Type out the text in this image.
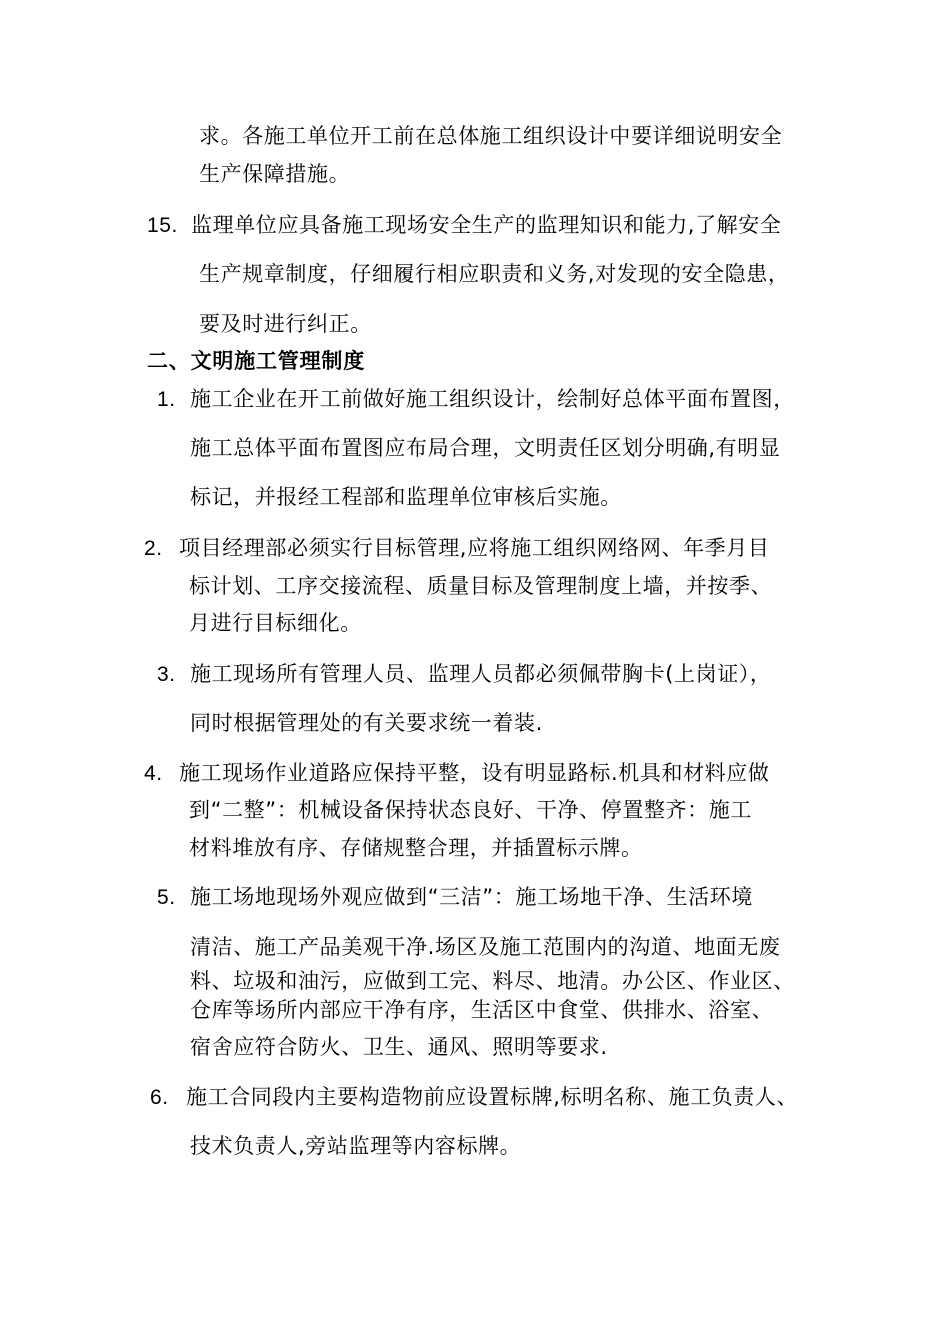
求。各施工单位开工前在总体施工组织设计中要详细说明安全
生产保障措施。
15. 监理单位应具备施工现场安全生产的监理知识和能力,了解安全
生产规章制度，仔细履行相应职责和义务,对发现的安全隐患，
要及时进行纠正。
二、文明施工管理制度
1. 施工企业在开工前做好施工组织设计，绘制好总体平面布置图，
施工总体平面布置图应布局合理，文明责任区划分明确,有明显
标记，并报经工程部和监理单位审核后实施。
2. 项目经理部必须实行目标管理,应将施工组织网络网、年季月目
标计划、工序交接流程、质量目标及管理制度上墙，并按季、
月进行目标细化。
3. 施工现场所有管理人员、监理人员都必须佩带胸卡(上岗证），
同时根据管理处的有关要求统一着装.
4. 施工现场作业道路应保持平整，设有明显路标.机具和材料应做
到“二整”：机械设备保持状态良好、干净、停置整齐：施工
材料堆放有序、存储规整合理，并插置标示牌。
5. 施工场地现场外观应做到“三洁”：施工场地干净、生活环境
清洁、施工产品美观干净.场区及施工范围内的沟道、地面无废
料、垃圾和油污，应做到工完、料尽、地清。办公区、作业区、
仓库等场所内部应干净有序，生活区中食堂、供排水、浴室、
宿舍应符合防火、卫生、通风、照明等要求.
6. 施工合同段内主要构造物前应设置标牌,标明名称、施工负责人、
技术负责人,旁站监理等内容标牌。
